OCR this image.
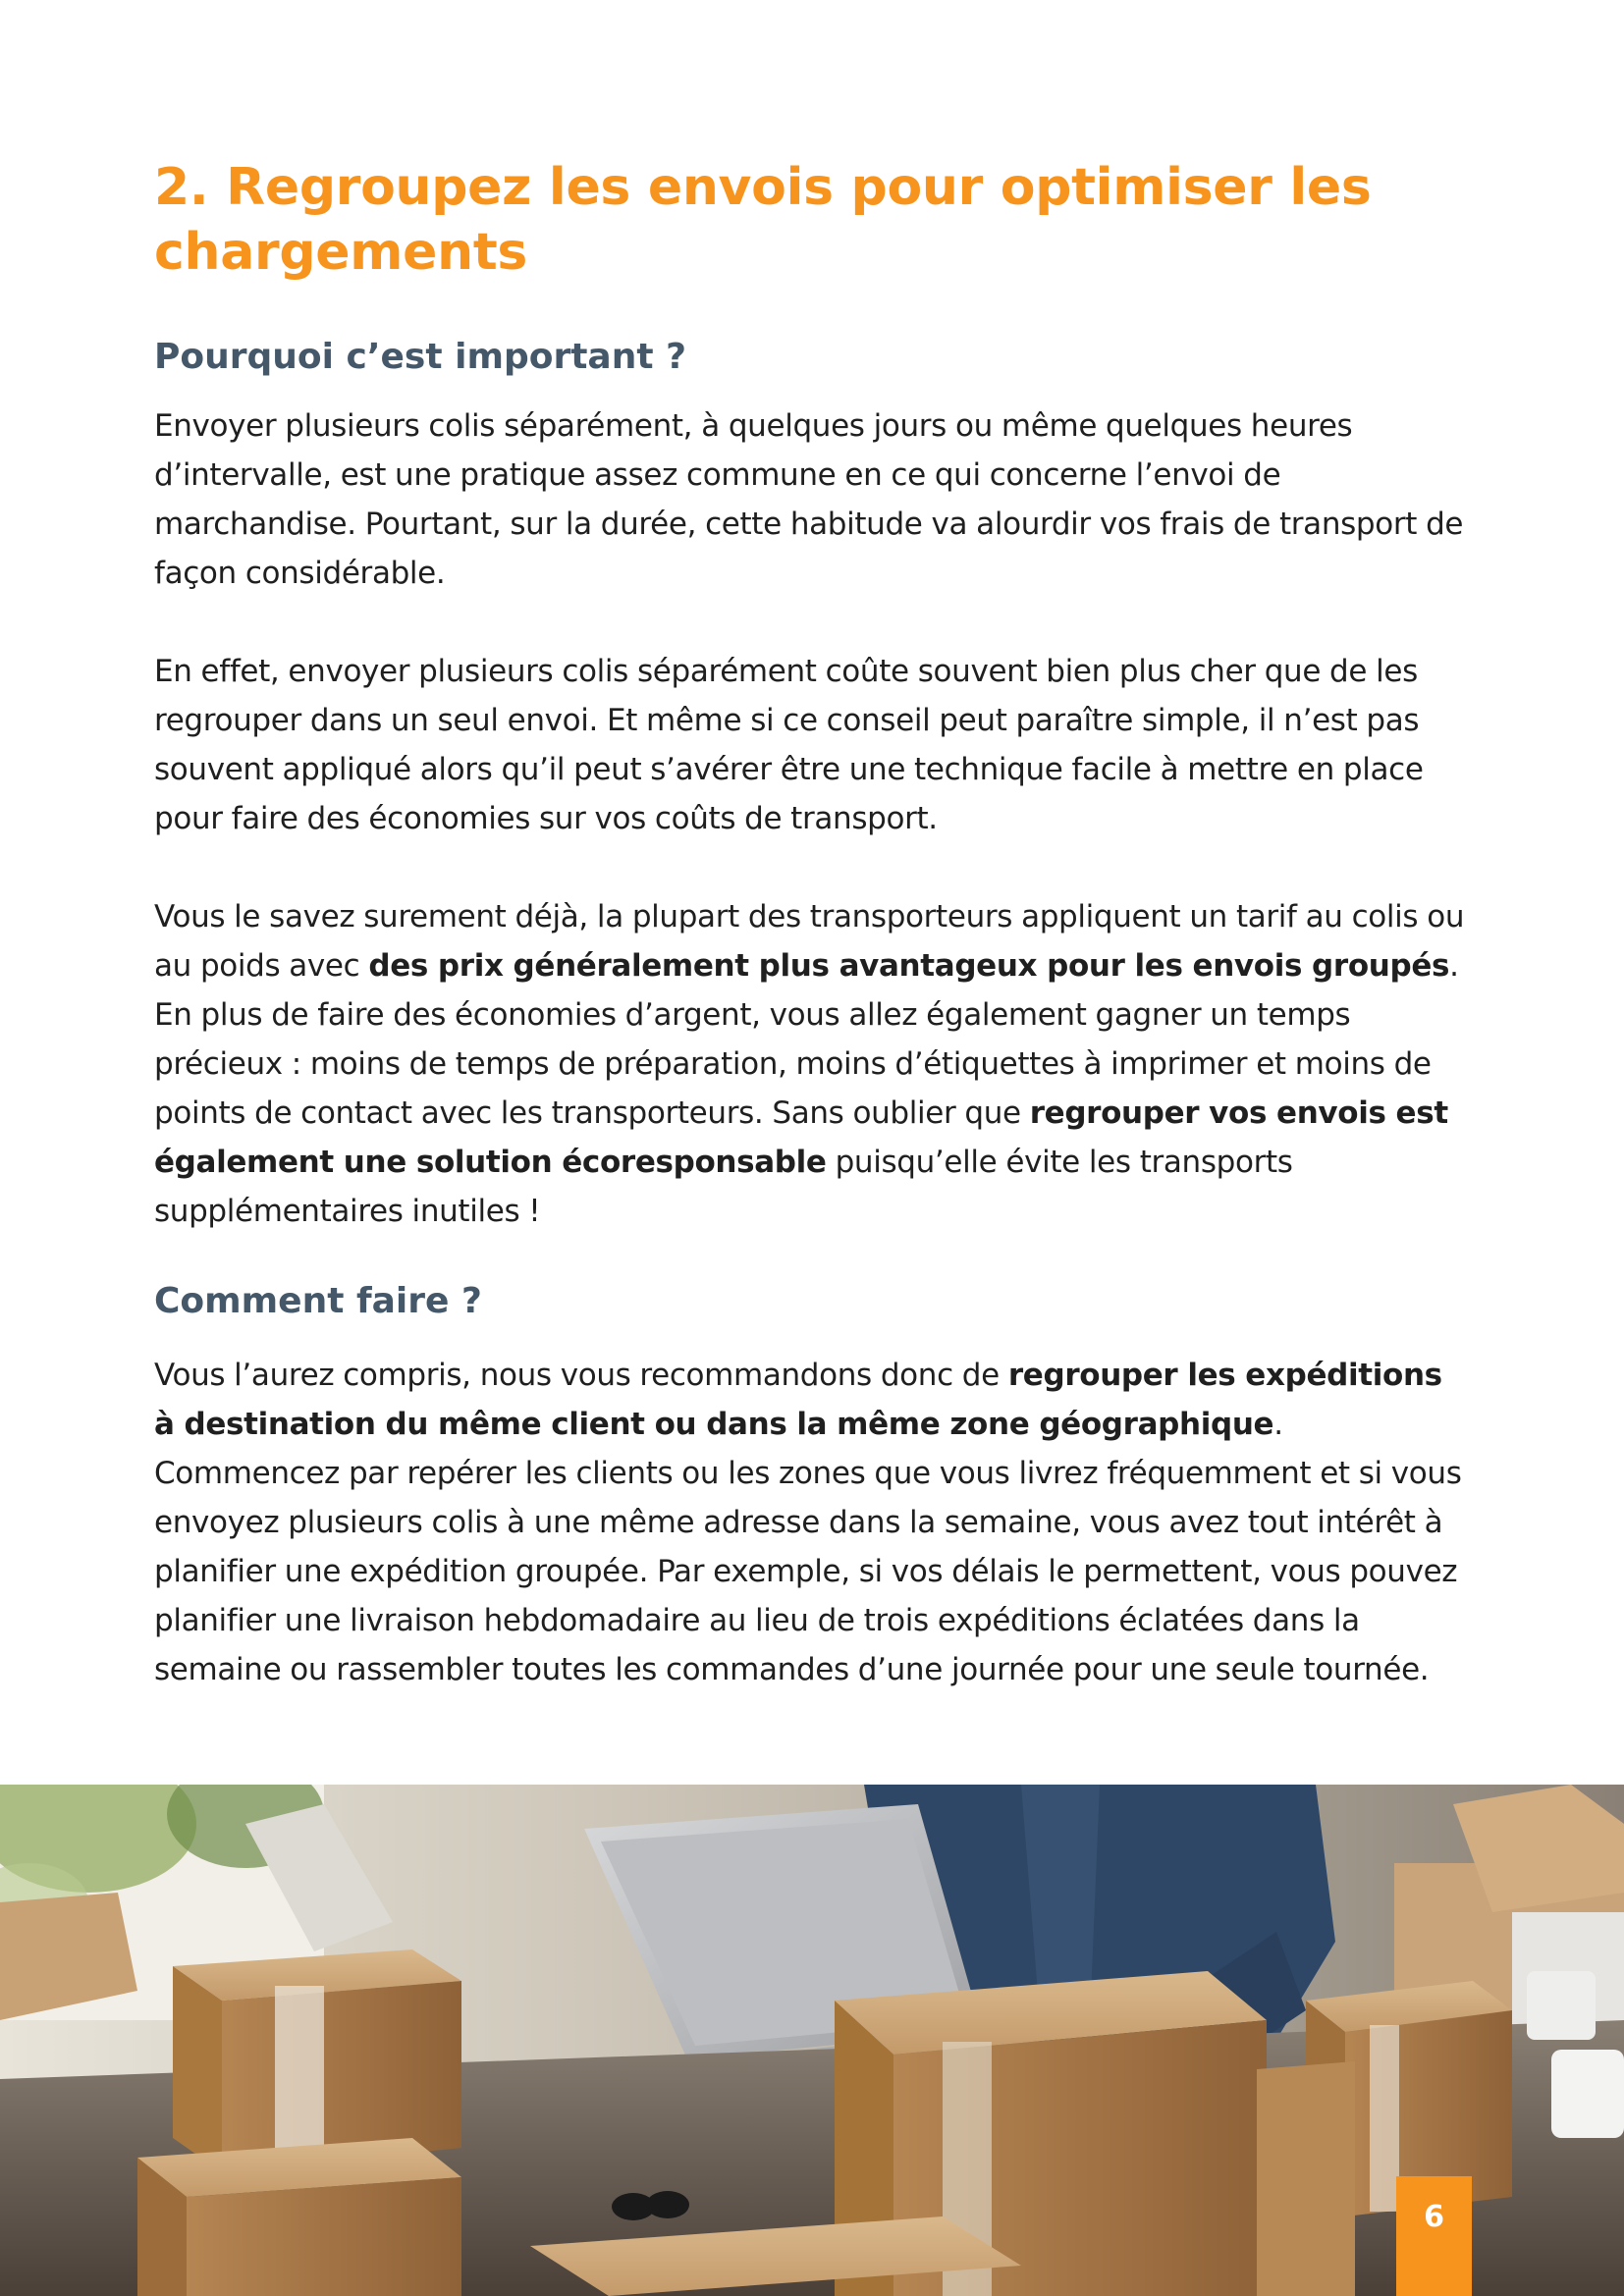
2. Regroupez les envois pour optimiser les chargements
Pourquoi c’est important ?

Envoyer plusieurs colis séparément, à quelques jours ou même quelques heures d’intervalle, est une pratique assez commune en ce qui concerne l’envoi de marchandise. Pourtant, sur la durée, cette habitude va alourdir vos frais de transport de façon considérable.

En effet, envoyer plusieurs colis séparément coûte souvent bien plus cher que de les regrouper dans un seul envoi. Et même si ce conseil peut paraître simple, il n’est pas souvent appliqué alors qu’il peut s’avérer être une technique facile à mettre en place pour faire des économies sur vos coûts de transport.

Vous le savez surement déjà, la plupart des transporteurs appliquent un tarif au colis ou au poids avec des prix généralement plus avantageux pour les envois groupés. En plus de faire des économies d’argent, vous allez également gagner un temps précieux : moins de temps de préparation, moins d’étiquettes à imprimer et moins de points de contact avec les transporteurs. Sans oublier que regrouper vos envois est également une solution écoresponsable puisqu’elle évite les transports supplémentaires inutiles !

Comment faire ?

Vous l’aurez compris, nous vous recommandons donc de regrouper les expéditions à destination du même client ou dans la même zone géographique. Commencez par repérer les clients ou les zones que vous livrez fréquemment et si vous envoyez plusieurs colis à une même adresse dans la semaine, vous avez tout intérêt à planifier une expédition groupée. Par exemple, si vos délais le permettent, vous pouvez planifier une livraison hebdomadaire au lieu de trois expéditions éclatées dans la semaine ou rassembler toutes les commandes d’une journée pour une seule tournée.

6
